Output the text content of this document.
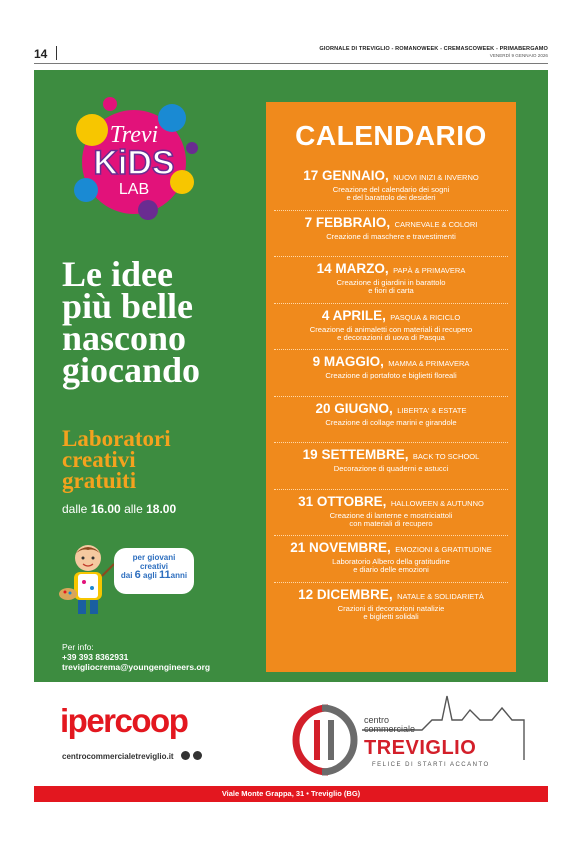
14	GIORNALE DI TREVIGLIO - ROMANOWEEK - CREMASCOWEEK - PRIMABERGAMO
VENERDÌ 9 GENNAIO 2026
Trevi
KiDS
LAB
Le idee
più belle
nascono
giocando
Laboratori
creativi
gratuiti
dalle 16.00 alle 18.00
per giovani
creativi
dai 6 agli 11anni
Per info:
+39 393 8362931
trevigliocrema@youngengineers.org
CALENDARIO
17 GENNAIO, NUOVI INIZI & INVERNO
Creazione del calendario dei sogni
e del barattolo dei desideri
7 FEBBRAIO, CARNEVALE & COLORI
Creazione di maschere e travestimenti
14 MARZO, PAPÀ & PRIMAVERA
Creazione di giardini in barattolo
e fiori di carta
4 APRILE, PASQUA & RICICLO
Creazione di animaletti con materiali di recupero
e decorazioni di uova di Pasqua
9 MAGGIO, MAMMA & PRIMAVERA
Creazione di portafoto e biglietti floreali
20 GIUGNO, LIBERTA' & ESTATE
Creazione di collage marini e girandole
19 SETTEMBRE, BACK TO SCHOOL
Decorazione di quaderni e astucci
31 OTTOBRE, HALLOWEEN & AUTUNNO
Creazione di lanterne e mostriciattoli
con materiali di recupero
21 NOVEMBRE, EMOZIONI & GRATITUDINE
Laboratorio Albero della gratitudine
e diario delle emozioni
12 DICEMBRE, NATALE & SOLIDARIETÀ
Crazioni di decorazioni natalizie
e biglietti solidali
ipercoop
centrocommercialetreviglio.it
centro
commerciale
TREVIGLIO
FELICE DI STARTI ACCANTO
Viale Monte Grappa, 31 • Treviglio (BG)
